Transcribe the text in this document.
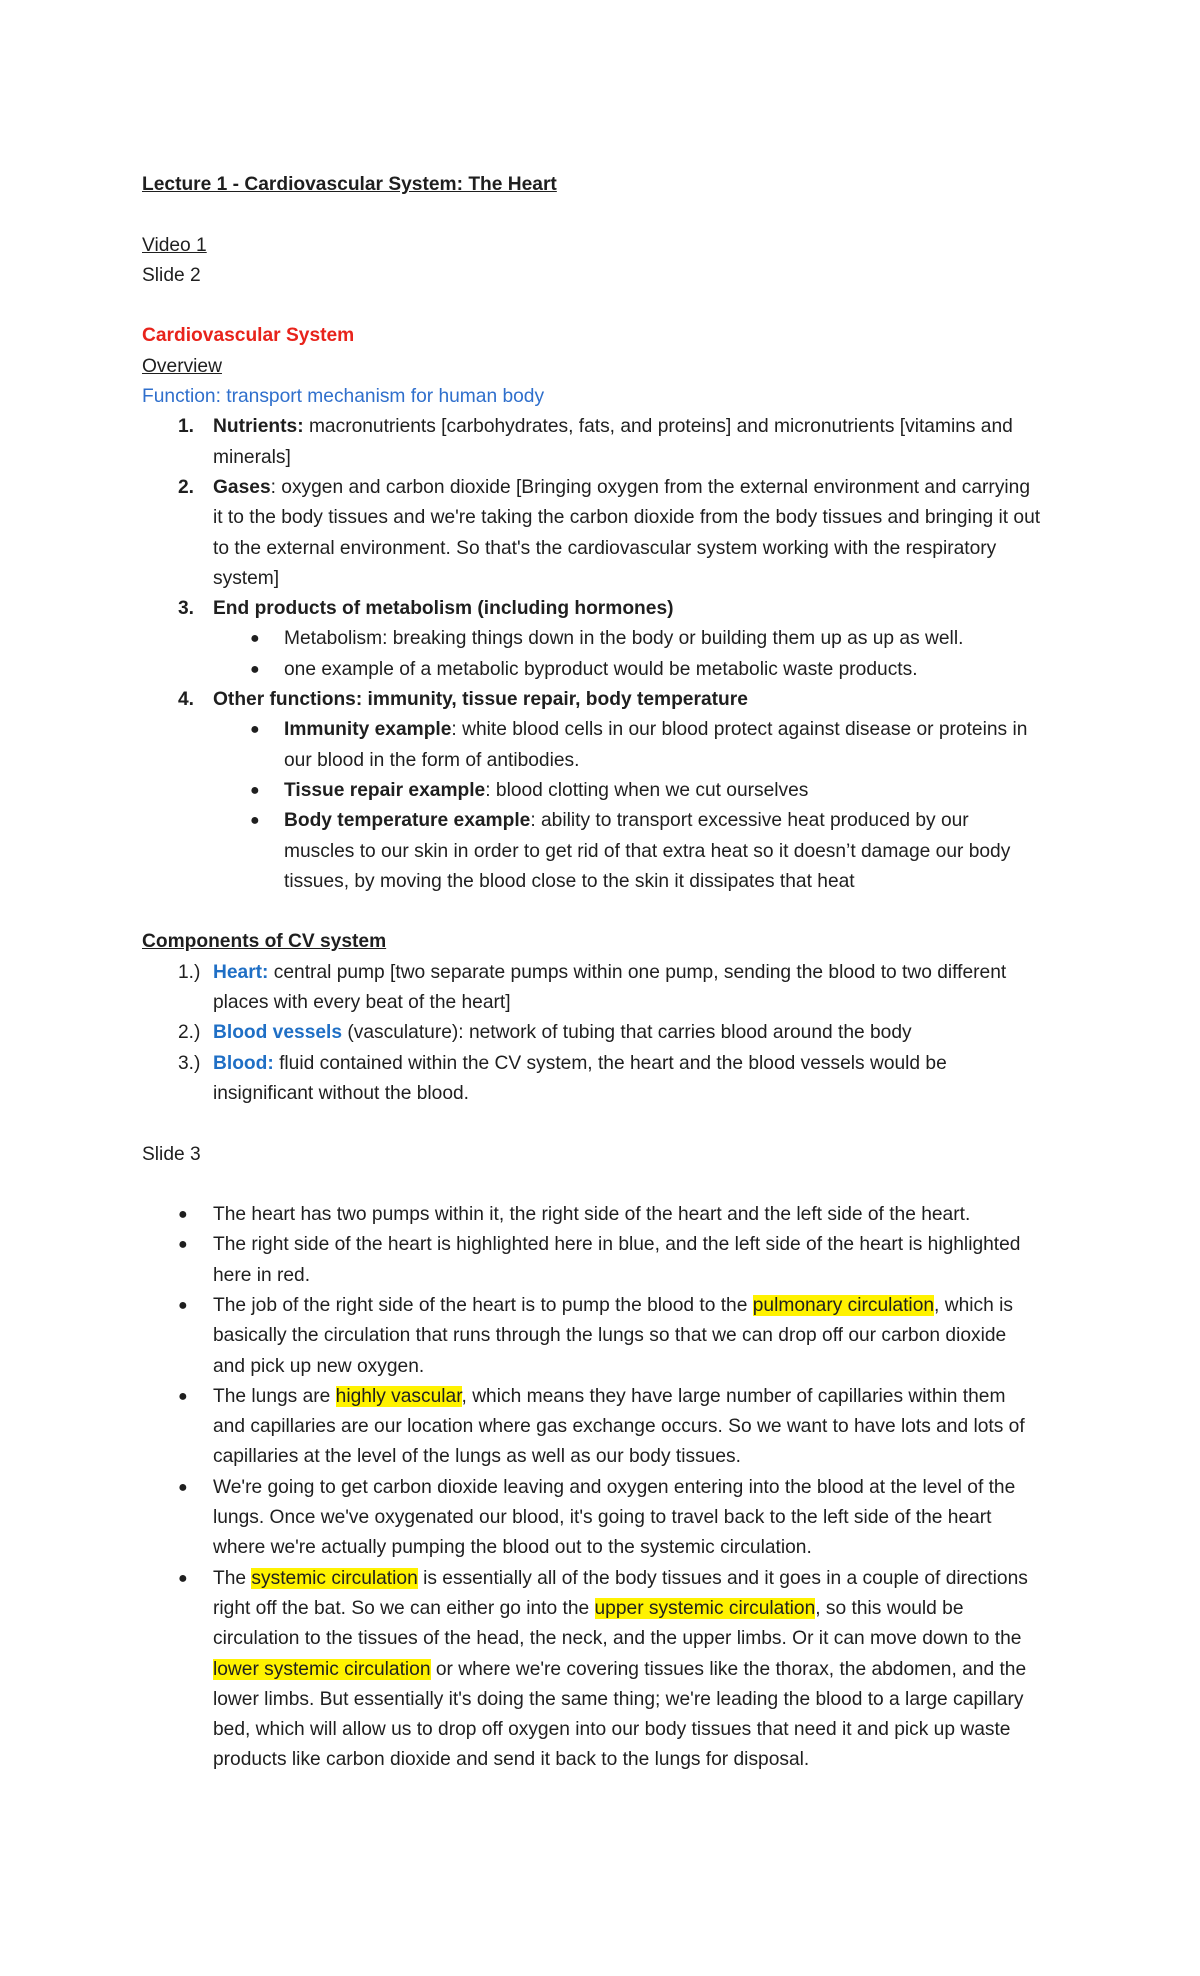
Lecture 1 - Cardiovascular System: The Heart
Video 1
Slide 2
Cardiovascular System
Overview
Function: transport mechanism for human body
1. Nutrients: macronutrients [carbohydrates, fats, and proteins] and micronutrients [vitamins and
minerals]
2. Gases: oxygen and carbon dioxide [Bringing oxygen from the external environment and carrying
it to the body tissues and we're taking the carbon dioxide from the body tissues and bringing it out
to the external environment. So that's the cardiovascular system working with the respiratory
system]
3. End products of metabolism (including hormones)
● Metabolism: breaking things down in the body or building them up as up as well.
● one example of a metabolic byproduct would be metabolic waste products.
4. Other functions: immunity, tissue repair, body temperature
● Immunity example: white blood cells in our blood protect against disease or proteins in
our blood in the form of antibodies.
● Tissue repair example: blood clotting when we cut ourselves
● Body temperature example: ability to transport excessive heat produced by our
muscles to our skin in order to get rid of that extra heat so it doesn’t damage our body
tissues, by moving the blood close to the skin it dissipates that heat
Components of CV system
1.) Heart: central pump [two separate pumps within one pump, sending the blood to two different
places with every beat of the heart]
2.) Blood vessels (vasculature): network of tubing that carries blood around the body
3.) Blood: fluid contained within the CV system, the heart and the blood vessels would be
insignificant without the blood.
Slide 3
● The heart has two pumps within it, the right side of the heart and the left side of the heart.
● The right side of the heart is highlighted here in blue, and the left side of the heart is highlighted
here in red.
● The job of the right side of the heart is to pump the blood to the pulmonary circulation, which is
basically the circulation that runs through the lungs so that we can drop off our carbon dioxide
and pick up new oxygen.
● The lungs are highly vascular, which means they have large number of capillaries within them
and capillaries are our location where gas exchange occurs. So we want to have lots and lots of
capillaries at the level of the lungs as well as our body tissues.
● We're going to get carbon dioxide leaving and oxygen entering into the blood at the level of the
lungs. Once we've oxygenated our blood, it's going to travel back to the left side of the heart
where we're actually pumping the blood out to the systemic circulation.
● The systemic circulation is essentially all of the body tissues and it goes in a couple of directions
right off the bat. So we can either go into the upper systemic circulation, so this would be
circulation to the tissues of the head, the neck, and the upper limbs. Or it can move down to the
lower systemic circulation or where we're covering tissues like the thorax, the abdomen, and the
lower limbs. But essentially it's doing the same thing; we're leading the blood to a large capillary
bed, which will allow us to drop off oxygen into our body tissues that need it and pick up waste
products like carbon dioxide and send it back to the lungs for disposal.
